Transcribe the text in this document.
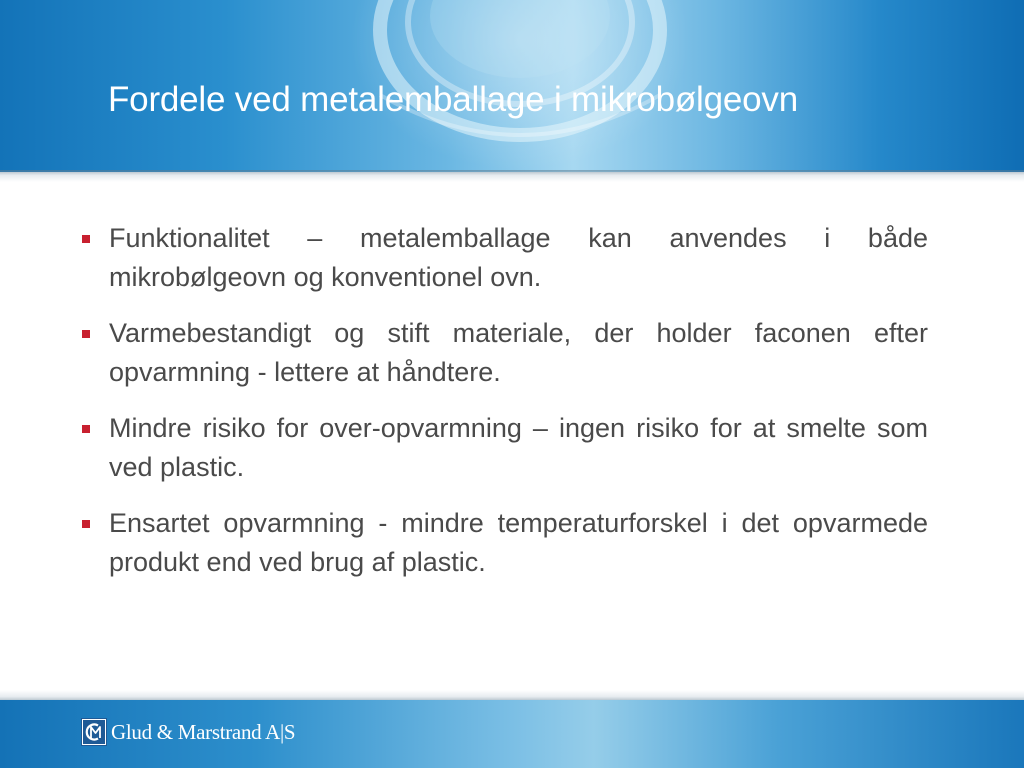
Fordele ved metalemballage i mikrobølgeovn
Funktionalitet – metalemballage kan anvendes i både mikrobølgeovn og konventionel ovn.
Varmebestandigt og stift materiale, der holder faconen efter opvarmning - lettere at håndtere.
Mindre risiko for over-opvarmning – ingen risiko for at smelte som ved plastic.
Ensartet opvarmning - mindre temperaturforskel i det opvarmede produkt end ved brug af plastic.
Glud & Marstrand A|S
